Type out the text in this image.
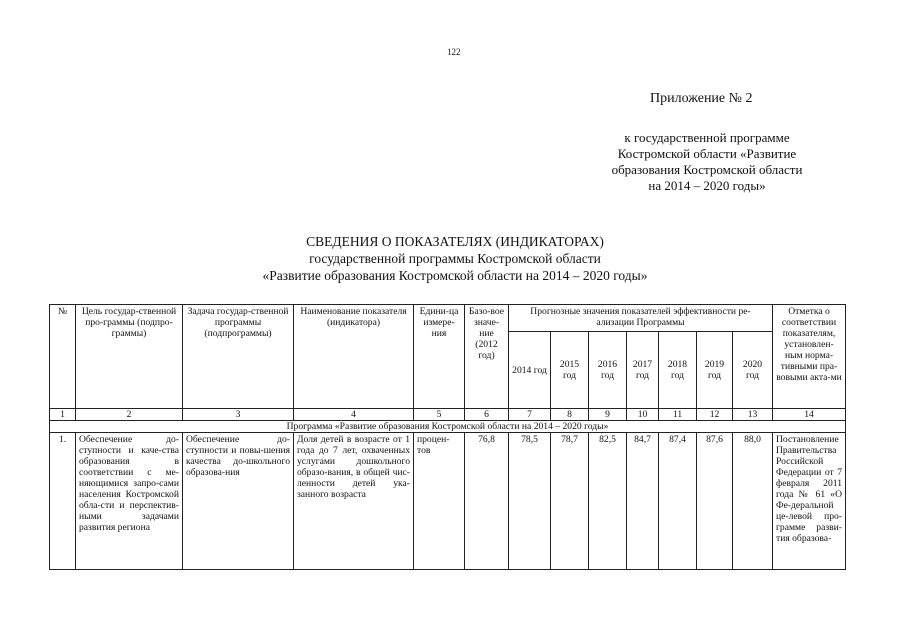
122
Приложение № 2
к государственной программе
Костромской области «Развитие
образования Костромской области
на 2014 – 2020 годы»
СВЕДЕНИЯ О ПОКАЗАТЕЛЯХ (ИНДИКАТОРАХ)
государственной программы Костромской области
«Развитие образования Костромской области на 2014 – 2020 годы»
№	Цель государ-ственной про-граммы (подпро-граммы)	Задача государ-ственной программы (подпрограммы)	Наименование показателя (индикатора)	Едини-ца измере-ния	Базо-вое значе-ние (2012 год)	Прогнозные значения показателей эффективности ре-ализации Программы							Отметка о соответствии показателям, установлен-ным норма-тивными пра-вовыми акта-ми
						2014 год	2015 год	2016 год	2017 год	2018 год	2019 год	2020 год	
1	2	3	4	5	6	7	8	9	10	11	12	13	14
Программа «Развитие образования Костромской области на 2014 – 2020 годы»													
1.	Обеспечение до-ступности и каче-ства образования в соответствии с ме-няющимися запро-сами населения Костромской обла-сти и перспектив-ными задачами развития региона	Обеспечение до-ступности и повы-шения качества до-школьного образова-ния	Доля детей в возрасте от 1 года до 7 лет, охваченных услугами дошкольного образо-вания, в общей чис-ленности детей ука-занного возраста	процен-тов	76,8	78,5	78,7	82,5	84,7	87,4	87,6	88,0	Постановление Правительства Российской Федерации от 7 февраля 2011 года № 61 «О Фе-деральной це-левой про-грамме разви-тия образова-
